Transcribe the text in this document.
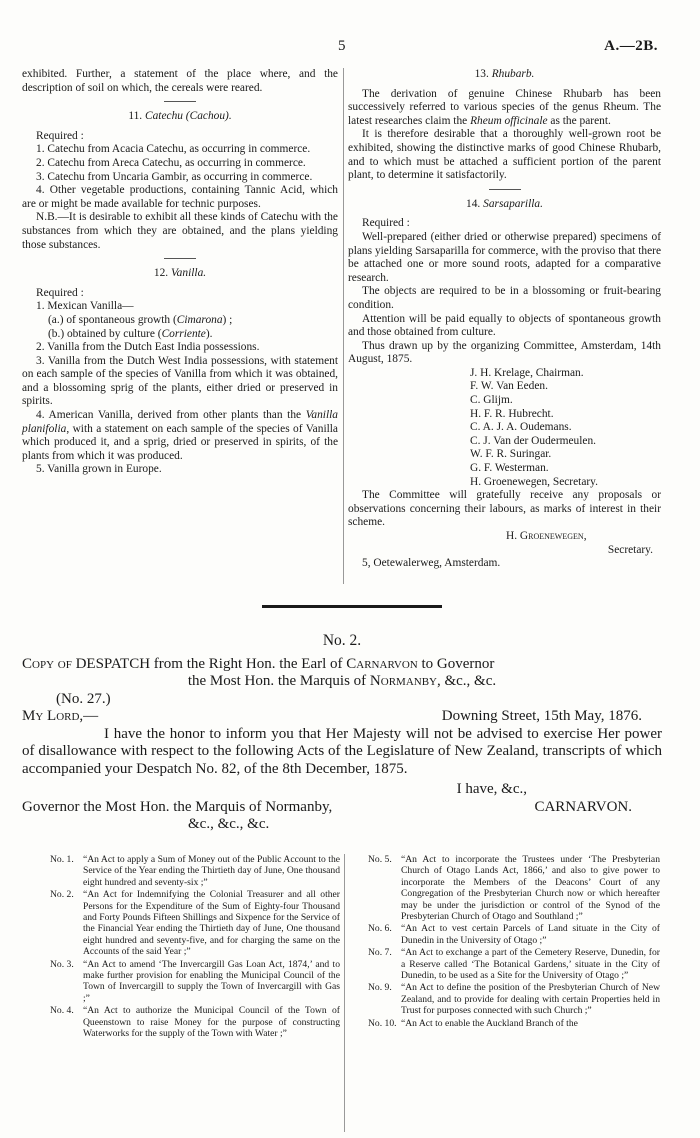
5	A.—2B.

exhibited. Further, a statement of the place where, and the description of soil on which, the cereals were reared.

11. Catechu (Cachou).

Required :

1. Catechu from Acacia Catechu, as occurring in commerce.

2. Catechu from Areca Catechu, as occurring in commerce.

3. Catechu from Uncaria Gambir, as occurring in commerce.

4. Other vegetable productions, containing Tannic Acid, which are or might be made available for technic purposes.

N.B.—It is desirable to exhibit all these kinds of Catechu with the substances from which they are obtained, and the plans yielding those substances.

12. Vanilla.

Required :

1. Mexican Vanilla—

(a.) of spontaneous growth (Cimarona) ;

(b.) obtained by culture (Corriente).

2. Vanilla from the Dutch East India possessions.

3. Vanilla from the Dutch West India possessions, with statement on each sample of the species of Vanilla from which it was obtained, and a blossoming sprig of the plants, either dried or preserved in spirits.

4. American Vanilla, derived from other plants than the Vanilla planifolia, with a statement on each sample of the species of Vanilla which produced it, and a sprig, dried or preserved in spirits, of the plants from which it was produced.

5. Vanilla grown in Europe.

13. Rhubarb.

The derivation of genuine Chinese Rhubarb has been successively referred to various species of the genus Rheum. The latest researches claim the Rheum officinale as the parent.

It is therefore desirable that a thoroughly well-grown root be exhibited, showing the distinctive marks of good Chinese Rhubarb, and to which must be attached a sufficient portion of the parent plant, to determine it satisfactorily.

14. Sarsaparilla.

Required :

Well-prepared (either dried or otherwise prepared) specimens of plans yielding Sarsaparilla for commerce, with the proviso that there be attached one or more sound roots, adapted for a comparative research.

The objects are required to be in a blossoming or fruit-bearing condition.

Attention will be paid equally to objects of spontaneous growth and those obtained from culture.

Thus drawn up by the organizing Committee, Amsterdam, 14th August, 1875.

J. H. Krelage, Chairman.

F. W. Van Eeden.

C. Glijm.

H. F. R. Hubrecht.

C. A. J. A. Oudemans.

C. J. Van der Oudermeulen.

W. F. R. Suringar.

G. F. Westerman.

H. Groenewegen, Secretary.

The Committee will gratefully receive any proposals or observations concerning their labours, as marks of interest in their scheme.

H. Groenewegen,

Secretary.

5, Oetewalerweg, Amsterdam.

No. 2.

Copy of DESPATCH from the Right Hon. the Earl of Carnarvon to Governor

the Most Hon. the Marquis of Normanby, &c., &c.

(No. 27.)

My Lord,—	Downing Street, 15th May, 1876.

I have the honor to inform you that Her Majesty will not be advised to exercise Her power of disallowance with respect to the following Acts of the Legislature of New Zealand, transcripts of which accompanied your Despatch No. 82, of the 8th December, 1875.

I have, &c.,

Governor the Most Hon. the Marquis of Normanby,	CARNARVON.

&c., &c., &c.

No. 1. “An Act to apply a Sum of Money out of the Public Account to the Service of the Year ending the Thirtieth day of June, One thousand eight hundred and seventy-six ;”
No. 2. “An Act for Indemnifying the Colonial Treasurer and all other Persons for the Expenditure of the Sum of Eighty-four Thousand and Forty Pounds Fifteen Shillings and Sixpence for the Service of the Financial Year ending the Thirtieth day of June, One thousand eight hundred and seventy-five, and for charging the same on the Accounts of the said Year ;”
No. 3. “An Act to amend ‘The Invercargill Gas Loan Act, 1874,’ and to make further provision for enabling the Municipal Council of the Town of Invercargill to supply the Town of Invercargill with Gas ;”
No. 4. “An Act to authorize the Municipal Council of the Town of Queenstown to raise Money for the purpose of constructing Waterworks for the supply of the Town with Water ;”
No. 5. “An Act to incorporate the Trustees under ‘The Presbyterian Church of Otago Lands Act, 1866,’ and also to give power to incorporate the Members of the Deacons’ Court of any Congregation of the Presbyterian Church now or which hereafter may be under the jurisdiction or control of the Synod of the Presbyterian Church of Otago and Southland ;”
No. 6. “An Act to vest certain Parcels of Land situate in the City of Dunedin in the University of Otago ;”
No. 7. “An Act to exchange a part of the Cemetery Reserve, Dunedin, for a Reserve called ‘The Botanical Gardens,’ situate in the City of Dunedin, to be used as a Site for the University of Otago ;”
No. 9. “An Act to define the position of the Presbyterian Church of New Zealand, and to provide for dealing with certain Properties held in Trust for purposes connected with such Church ;”
No. 10. “An Act to enable the Auckland Branch of the
